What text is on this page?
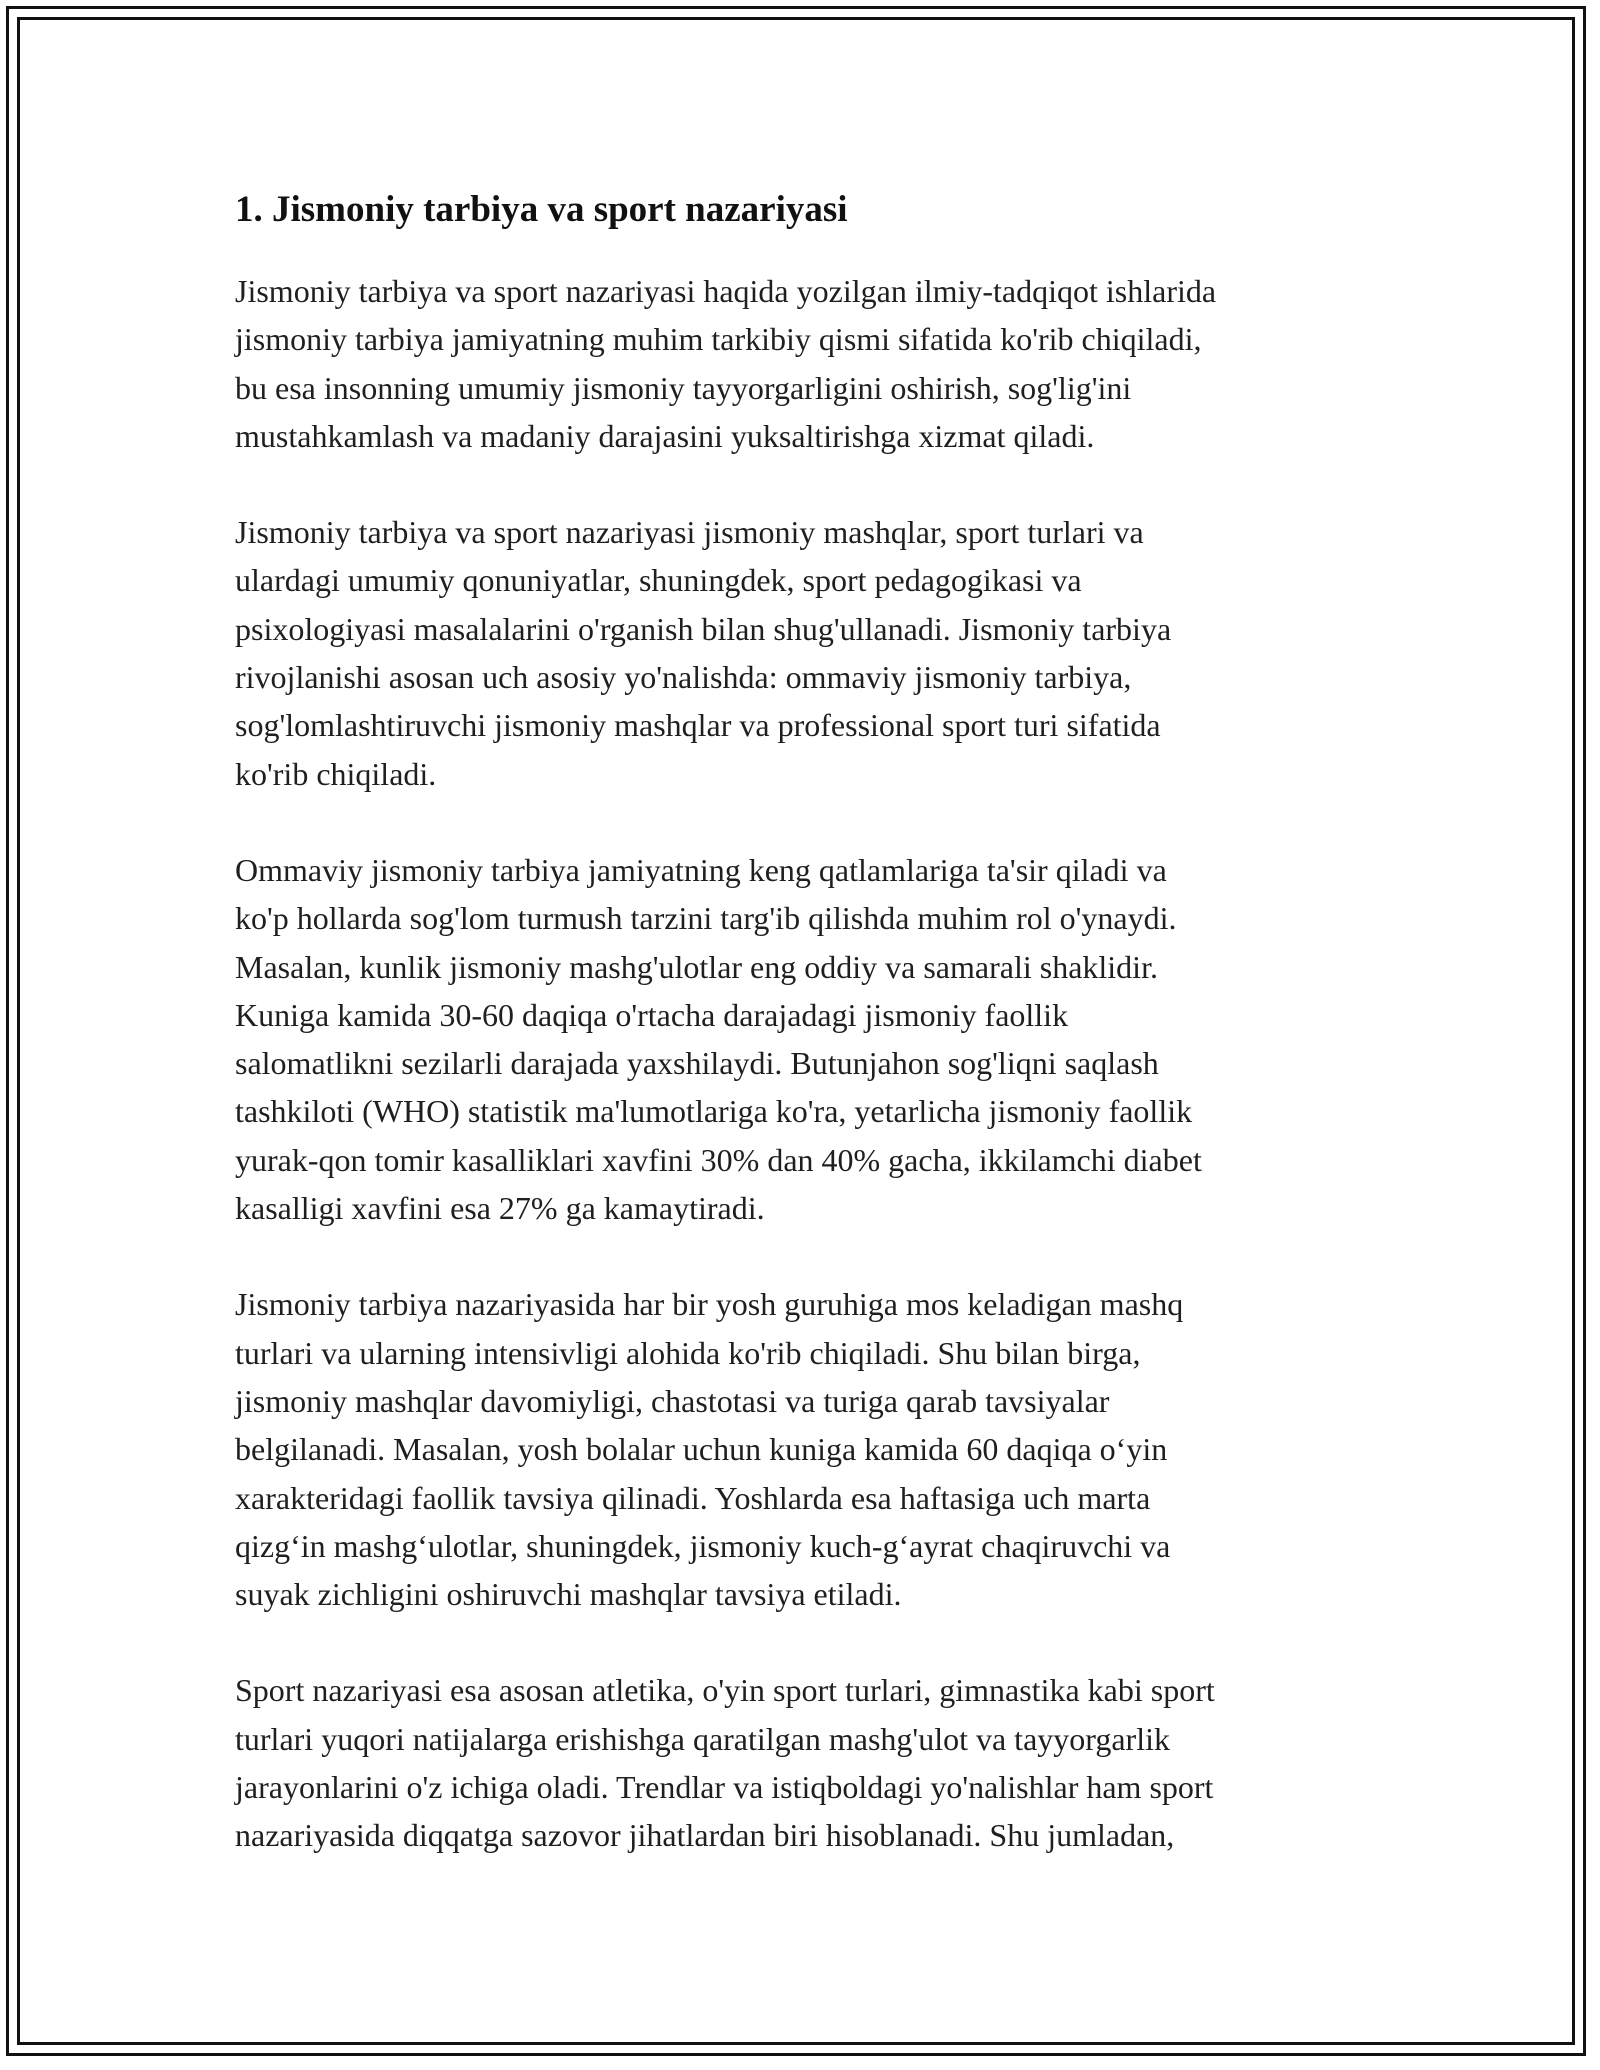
1. Jismoniy tarbiya va sport nazariyasi

Jismoniy tarbiya va sport nazariyasi haqida yozilgan ilmiy-tadqiqot ishlarida
jismoniy tarbiya jamiyatning muhim tarkibiy qismi sifatida ko'rib chiqiladi,
bu esa insonning umumiy jismoniy tayyorgarligini oshirish, sog'lig'ini
mustahkamlash va madaniy darajasini yuksaltirishga xizmat qiladi.

Jismoniy tarbiya va sport nazariyasi jismoniy mashqlar, sport turlari va
ulardagi umumiy qonuniyatlar, shuningdek, sport pedagogikasi va
psixologiyasi masalalarini o'rganish bilan shug'ullanadi. Jismoniy tarbiya
rivojlanishi asosan uch asosiy yo'nalishda: ommaviy jismoniy tarbiya,
sog'lomlashtiruvchi jismoniy mashqlar va professional sport turi sifatida
ko'rib chiqiladi.

Ommaviy jismoniy tarbiya jamiyatning keng qatlamlariga ta'sir qiladi va
ko'p hollarda sog'lom turmush tarzini targ'ib qilishda muhim rol o'ynaydi.
Masalan, kunlik jismoniy mashg'ulotlar eng oddiy va samarali shaklidir.
Kuniga kamida 30-60 daqiqa o'rtacha darajadagi jismoniy faollik
salomatlikni sezilarli darajada yaxshilaydi. Butunjahon sog'liqni saqlash
tashkiloti (WHO) statistik ma'lumotlariga ko'ra, yetarlicha jismoniy faollik
yurak-qon tomir kasalliklari xavfini 30% dan 40% gacha, ikkilamchi diabet
kasalligi xavfini esa 27% ga kamaytiradi.

Jismoniy tarbiya nazariyasida har bir yosh guruhiga mos keladigan mashq
turlari va ularning intensivligi alohida ko'rib chiqiladi. Shu bilan birga,
jismoniy mashqlar davomiyligi, chastotasi va turiga qarab tavsiyalar
belgilanadi. Masalan, yosh bolalar uchun kuniga kamida 60 daqiqa o‘yin
xarakteridagi faollik tavsiya qilinadi. Yoshlarda esa haftasiga uch marta
qizg‘in mashg‘ulotlar, shuningdek, jismoniy kuch-g‘ayrat chaqiruvchi va
suyak zichligini oshiruvchi mashqlar tavsiya etiladi.

Sport nazariyasi esa asosan atletika, o'yin sport turlari, gimnastika kabi sport
turlari yuqori natijalarga erishishga qaratilgan mashg'ulot va tayyorgarlik
jarayonlarini o'z ichiga oladi. Trendlar va istiqboldagi yo'nalishlar ham sport
nazariyasida diqqatga sazovor jihatlardan biri hisoblanadi. Shu jumladan,
